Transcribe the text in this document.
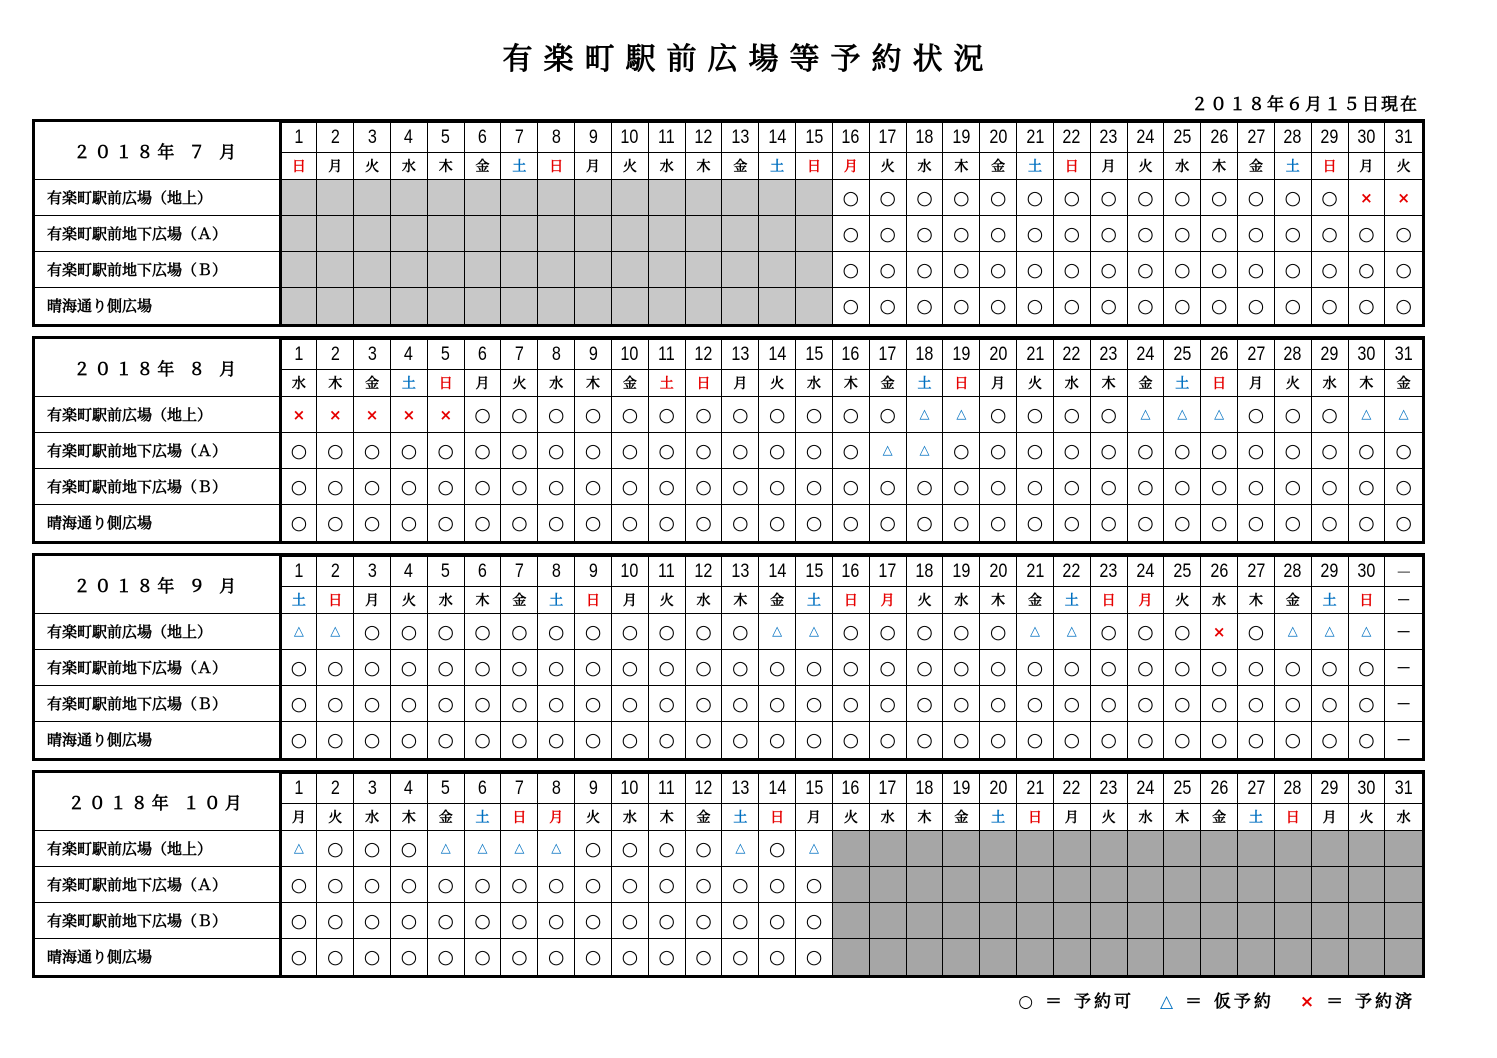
有楽町駅前広場等予約状況
２０１８年６月１５日現在
２０１８年 ７ 月	1	2	3	4	5	6	7	8	9	10	11	12	13	14	15	16	17	18	19	20	21	22	23	24	25	26	27	28	29	30	31
	日	月	火	水	木	金	土	日	月	火	水	木	金	土	日	月	火	水	木	金	土	日	月	火	水	木	金	土	日	月	火
有楽町駅前広場（地上）																○	○	○	○	○	○	○	○	○	○	○	○	○	○	×	×
有楽町駅前地下広場（Ａ）																○	○	○	○	○	○	○	○	○	○	○	○	○	○	○	○
有楽町駅前地下広場（Ｂ）																○	○	○	○	○	○	○	○	○	○	○	○	○	○	○	○
晴海通り側広場																○	○	○	○	○	○	○	○	○	○	○	○	○	○	○	○
２０１８年 ８ 月	1	2	3	4	5	6	7	8	9	10	11	12	13	14	15	16	17	18	19	20	21	22	23	24	25	26	27	28	29	30	31
	水	木	金	土	日	月	火	水	木	金	土	日	月	火	水	木	金	土	日	月	火	水	木	金	土	日	月	火	水	木	金
有楽町駅前広場（地上）	×	×	×	×	×	○	○	○	○	○	○	○	○	○	○	○	○	△	△	○	○	○	○	△	△	△	○	○	○	△	△
有楽町駅前地下広場（Ａ）	○	○	○	○	○	○	○	○	○	○	○	○	○	○	○	○	△	△	○	○	○	○	○	○	○	○	○	○	○	○	○
有楽町駅前地下広場（Ｂ）	○	○	○	○	○	○	○	○	○	○	○	○	○	○	○	○	○	○	○	○	○	○	○	○	○	○	○	○	○	○	○
晴海通り側広場	○	○	○	○	○	○	○	○	○	○	○	○	○	○	○	○	○	○	○	○	○	○	○	○	○	○	○	○	○	○	○
２０１８年 ９ 月	1	2	3	4	5	6	7	8	9	10	11	12	13	14	15	16	17	18	19	20	21	22	23	24	25	26	27	28	29	30	－
	土	日	月	火	水	木	金	土	日	月	火	水	木	金	土	日	月	火	水	木	金	土	日	月	火	水	木	金	土	日	－
有楽町駅前広場（地上）	△	△	○	○	○	○	○	○	○	○	○	○	○	△	△	○	○	○	○	○	△	△	○	○	○	×	○	△	△	△	－
有楽町駅前地下広場（Ａ）	○	○	○	○	○	○	○	○	○	○	○	○	○	○	○	○	○	○	○	○	○	○	○	○	○	○	○	○	○	○	－
有楽町駅前地下広場（Ｂ）	○	○	○	○	○	○	○	○	○	○	○	○	○	○	○	○	○	○	○	○	○	○	○	○	○	○	○	○	○	○	－
晴海通り側広場	○	○	○	○	○	○	○	○	○	○	○	○	○	○	○	○	○	○	○	○	○	○	○	○	○	○	○	○	○	○	－
２０１８年 １０月	1	2	3	4	5	6	7	8	9	10	11	12	13	14	15	16	17	18	19	20	21	22	23	24	25	26	27	28	29	30	31
	月	火	水	木	金	土	日	月	火	水	木	金	土	日	月	火	水	木	金	土	日	月	火	水	木	金	土	日	月	火	水
有楽町駅前広場（地上）	△	○	○	○	△	△	△	△	○	○	○	○	△	○	△																
有楽町駅前地下広場（Ａ）	○	○	○	○	○	○	○	○	○	○	○	○	○	○	○																
有楽町駅前地下広場（Ｂ）	○	○	○	○	○	○	○	○	○	○	○	○	○	○	○																
晴海通り側広場	○	○	○	○	○	○	○	○	○	○	○	○	○	○	○																
○ ＝ 予約可 △ ＝ 仮予約 × ＝ 予約済
